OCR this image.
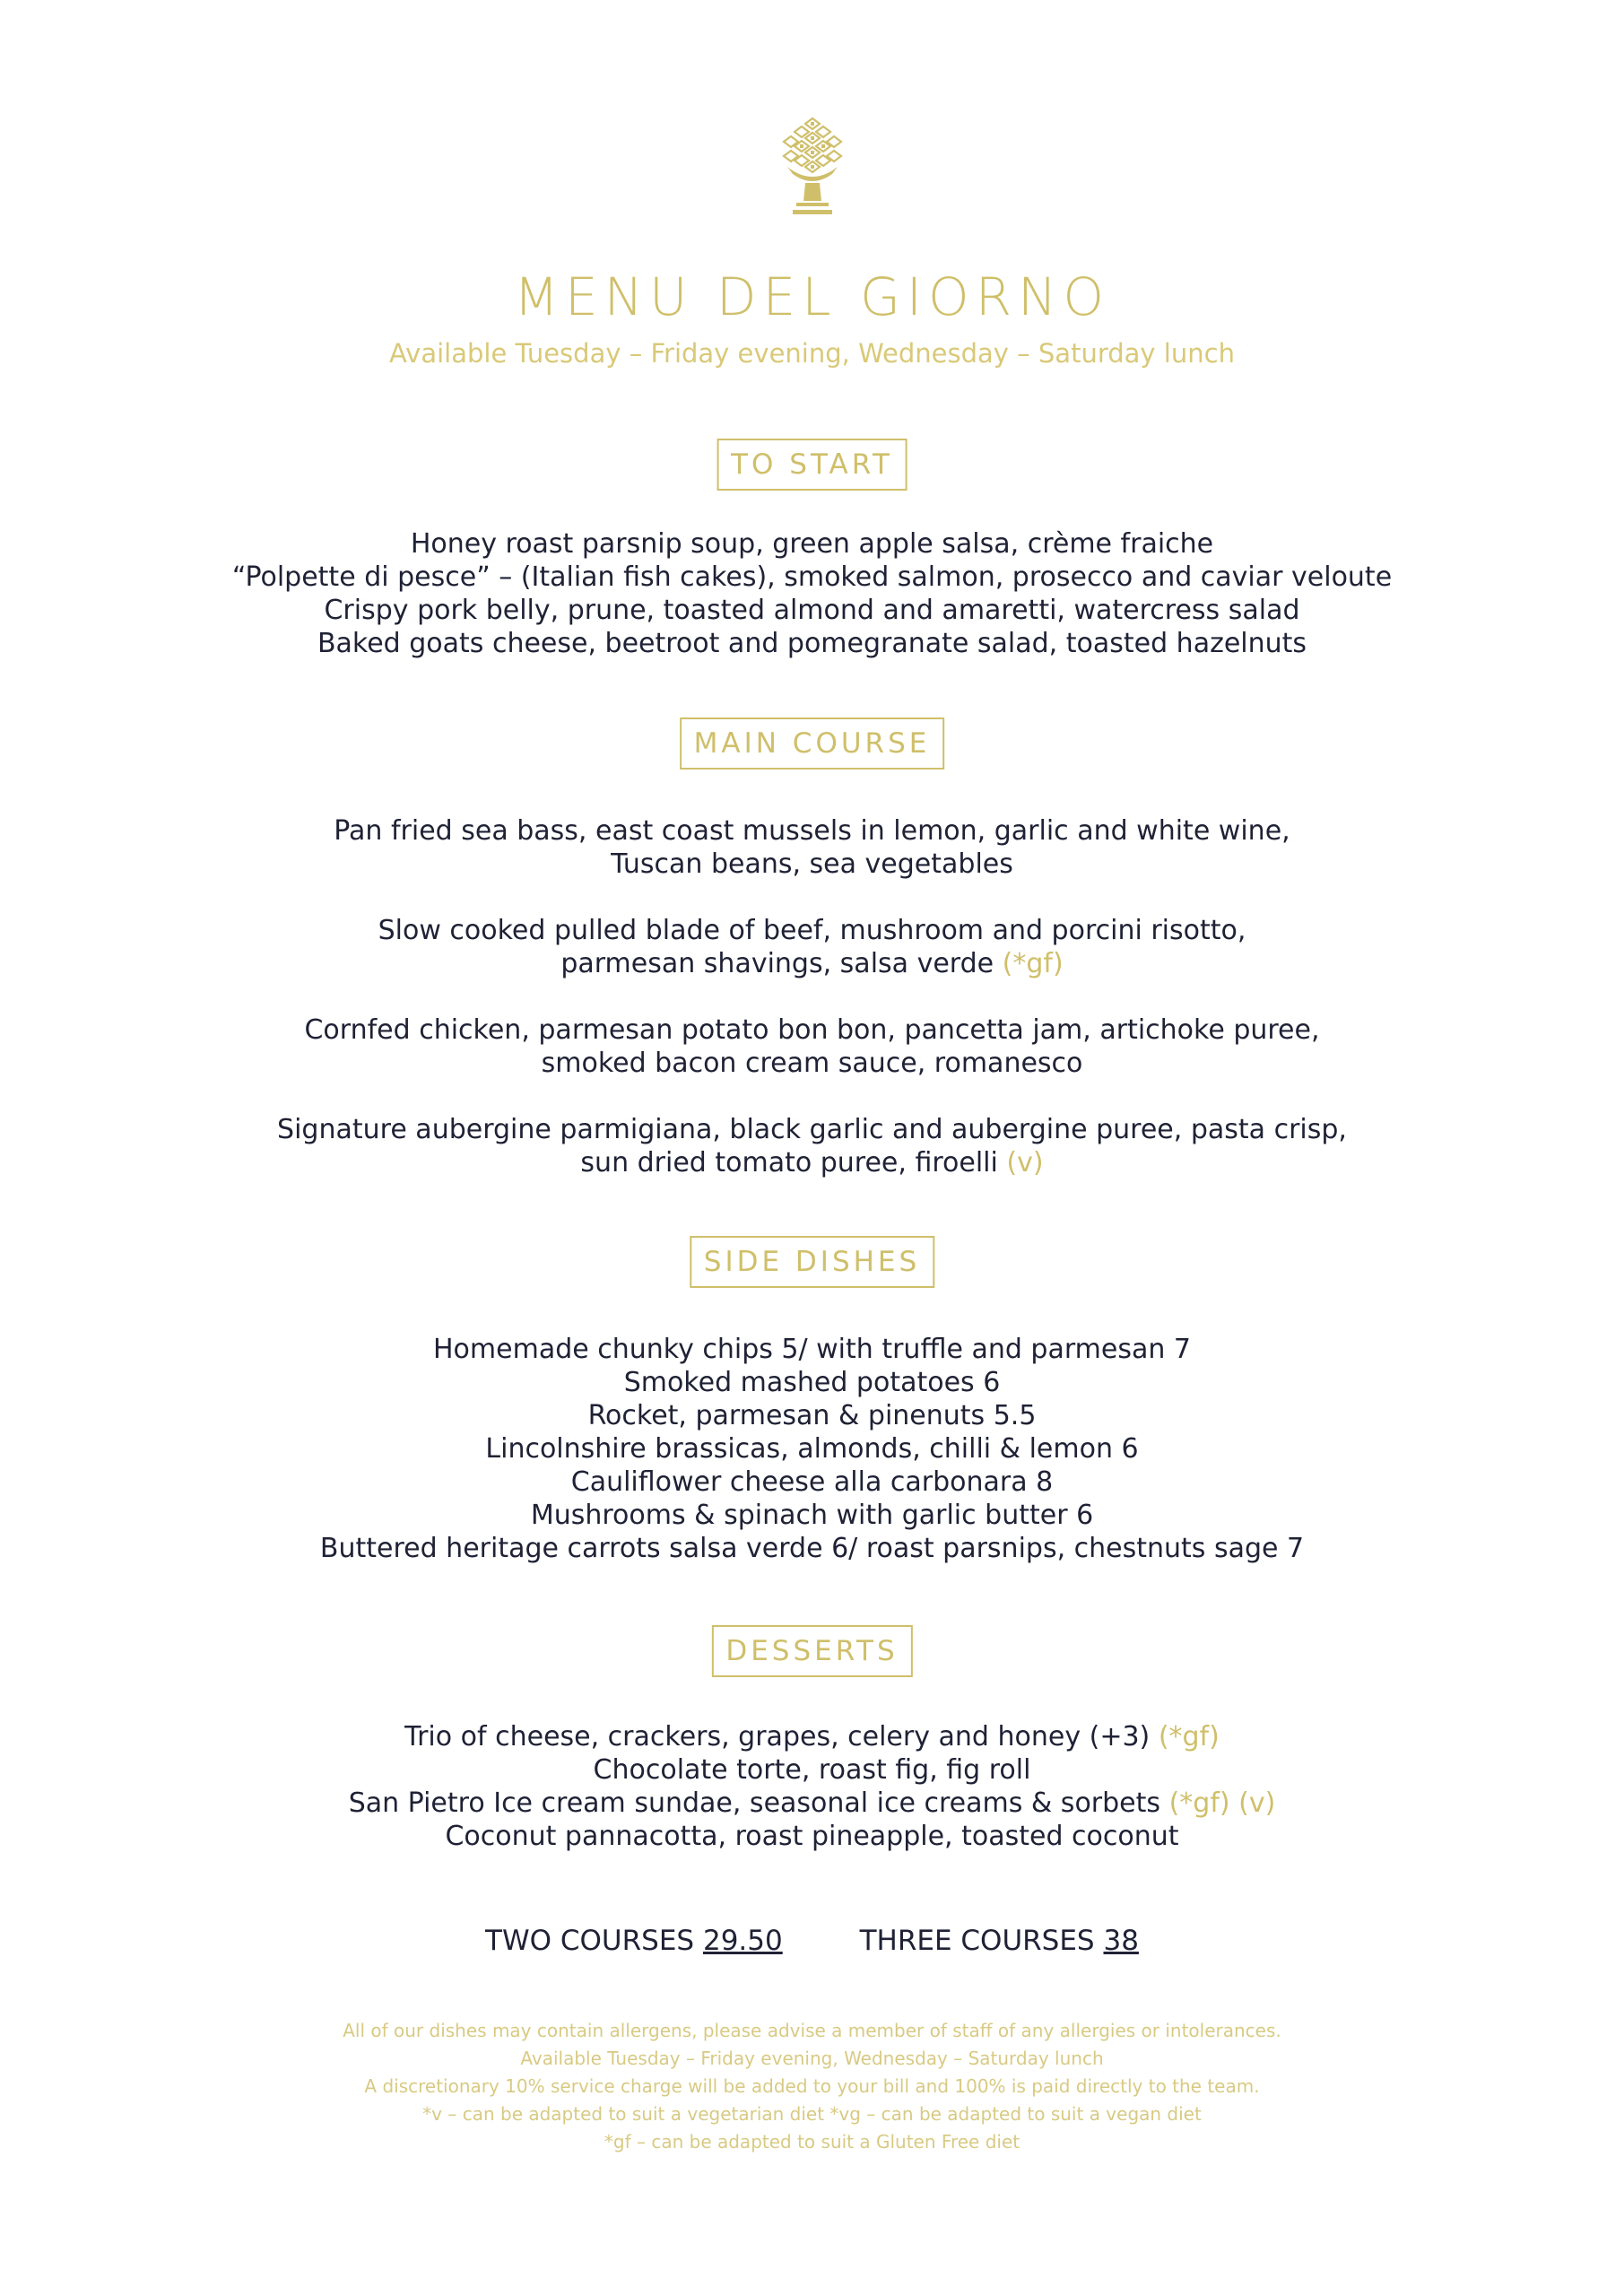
MENU DEL GIORNO
Available Tuesday – Friday evening, Wednesday – Saturday lunch
TO START
Honey roast parsnip soup, green apple salsa, crème fraiche
“Polpette di pesce” – (Italian fish cakes), smoked salmon, prosecco and caviar veloute
Crispy pork belly, prune, toasted almond and amaretti, watercress salad
Baked goats cheese, beetroot and pomegranate salad, toasted hazelnuts
MAIN COURSE
Pan fried sea bass, east coast mussels in lemon, garlic and white wine,
Tuscan beans, sea vegetables
Slow cooked pulled blade of beef, mushroom and porcini risotto,
parmesan shavings, salsa verde (*gf)
Cornfed chicken, parmesan potato bon bon, pancetta jam, artichoke puree,
smoked bacon cream sauce, romanesco
Signature aubergine parmigiana, black garlic and aubergine puree, pasta crisp,
sun dried tomato puree, firoelli (v)
SIDE DISHES
Homemade chunky chips 5/ with truffle and parmesan 7
Smoked mashed potatoes 6
Rocket, parmesan & pinenuts 5.5
Lincolnshire brassicas, almonds, chilli & lemon 6
Cauliflower cheese alla carbonara 8
Mushrooms & spinach with garlic butter 6
Buttered heritage carrots salsa verde 6/ roast parsnips, chestnuts sage 7
DESSERTS
Trio of cheese, crackers, grapes, celery and honey (+3) (*gf)
Chocolate torte, roast fig, fig roll
San Pietro Ice cream sundae, seasonal ice creams & sorbets (*gf) (v)
Coconut pannacotta, roast pineapple, toasted coconut
TWO COURSES 29.50	THREE COURSES 38
All of our dishes may contain allergens, please advise a member of staff of any allergies or intolerances.
Available Tuesday – Friday evening, Wednesday – Saturday lunch
A discretionary 10% service charge will be added to your bill and 100% is paid directly to the team.
*v – can be adapted to suit a vegetarian diet *vg – can be adapted to suit a vegan diet
*gf – can be adapted to suit a Gluten Free diet
